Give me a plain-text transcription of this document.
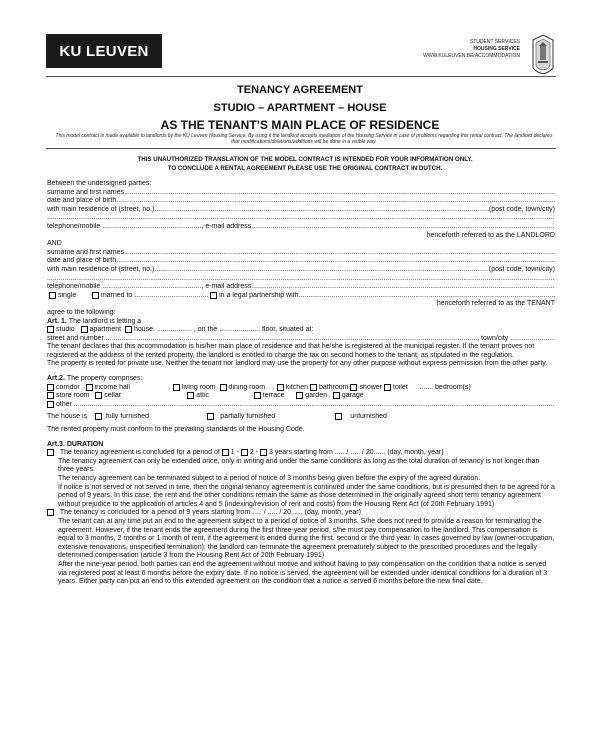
KU LEUVEN
STUDENT SERVICES
HOUSING SERVICE
WWW.KULEUVEN.BE/ACCOMMODATION
TENANCY AGREEMENT
STUDIO – APARTMENT – HOUSE
AS THE TENANT’S MAIN PLACE OF RESIDENCE
This model contract is made available to landlords by the KU Leuven Housing Service. By using it the landlord accepts mediation of the Housing Service in case of problems regarding this rental contract. The landlord declares that modifications/deletions/additions will be done in a visible way.
THIS UNAUTHORIZED TRANSLATION OF THE MODEL CONTRACT IS INTENDED FOR YOUR INFORMATION ONLY.
TO CONCLUDE A RENTAL AGREEMENT PLEASE USE THE ORIGINAL CONTRACT IN DUTCH.
Between the undersigned parties:
surname and first names
.....
date and place of birth
.....
with main residence of (street, no.) .....	(post code, town/city)
.....
telephone/mobile ..................................................., e-mail address
.....
henceforth referred to as the LANDLORD
AND
surname and first names
.....
date and place of birth
.....
with main residence of (street, no.) .....	(post code, town/city)
.....
telephone/mobile ..................................................., e-mail address
.....

single
	married to ...................................... in a legal partnership with
.....
henceforth referred to as the TENANT
agree to the following:
Art. 1.
The landlord is letting a
studio
apartment
house. .................. , on the ..................... floor, situated at:
street and number .....	, town/city .......................
The tenant declares that this accommodation is his/her main place of residence and that he/she is registered at the municipal register. If the tenant proves not registered at the address of the rented property, the landlord is entitled to charge the tax on second homes to the tenant, as stipulated in the regulation.
The property is rented for private use. Neither the tenant nor landlord may use the property for any other purpose without express permission from the other party.
Art.2.
The property comprises:
corridor
income hall
	living room
dining room
	kitchen
bathroom
shower
toilet
....... bedroom(s)
store room
cellar
	attic
	terrace
	garden
garage
other

.....
The house is

	fully furnished

	partially furnished

	unfurnished
The rented property must conform to the prevailing standards of the Housing Code.
Art.3. DURATION

The tenancy agreement is concluded for a period of
1 -
2 -
3 years starting from ..... / ..... / 20...... (day, month, year)
The tenancy agreement can only be extended once, only in writing and under the same conditions as long as the total duration of tenancy is not longer than three years.
The tenancy agreement can be terminated subject to a period of notice of 3 months being given before the expiry of the agreed duration.
If notice is not served or not served in time, then the original tenancy agreement is continued under the same conditions, but is presumed then to be agreed for a period of 9 years. In this case, the rent and the other conditions remain the same as those determined in the originally agreed short term tenancy agreement without prejudice to the application of articles 4 and 5 (indexing/revision of rent and costs) from the Housing Rent Act (of 20th February 1991)

The tenancy is concluded for a period of 9 years starting from ..... / ..... / 20...... (day, month, year)
The tenant can at any time put an end to the agreement subject to a period of notice of 3 months. S/he does not need to provide a reason for terminating the agreement. However, if the tenant ends the agreement during the first three-year period, s/he must pay compensation to the landlord. This compensation is equal to 3 months, 2 months or 1 month of rent, if the agreement is ended during the first, second or the third year. In cases governed by law (owner-occupation, extensive renovations, unspecified termination), the landlord can terminate the agreement prematurely subject to the prescribed procedures and the legally determined compensation (article 3 from the Housing Rent Act of 20th February 1991)
After the nine-year period, both parties can end the agreement without motive and without having to pay compensation on the condition that a notice is served via registered post at least 6 months before the expiry date. If no notice is served, the agreement will be extended under identical conditions for a duration of 3 years. Either party can put an end to this extended agreement on the condition that a notice is served 6 months before the new final date.
